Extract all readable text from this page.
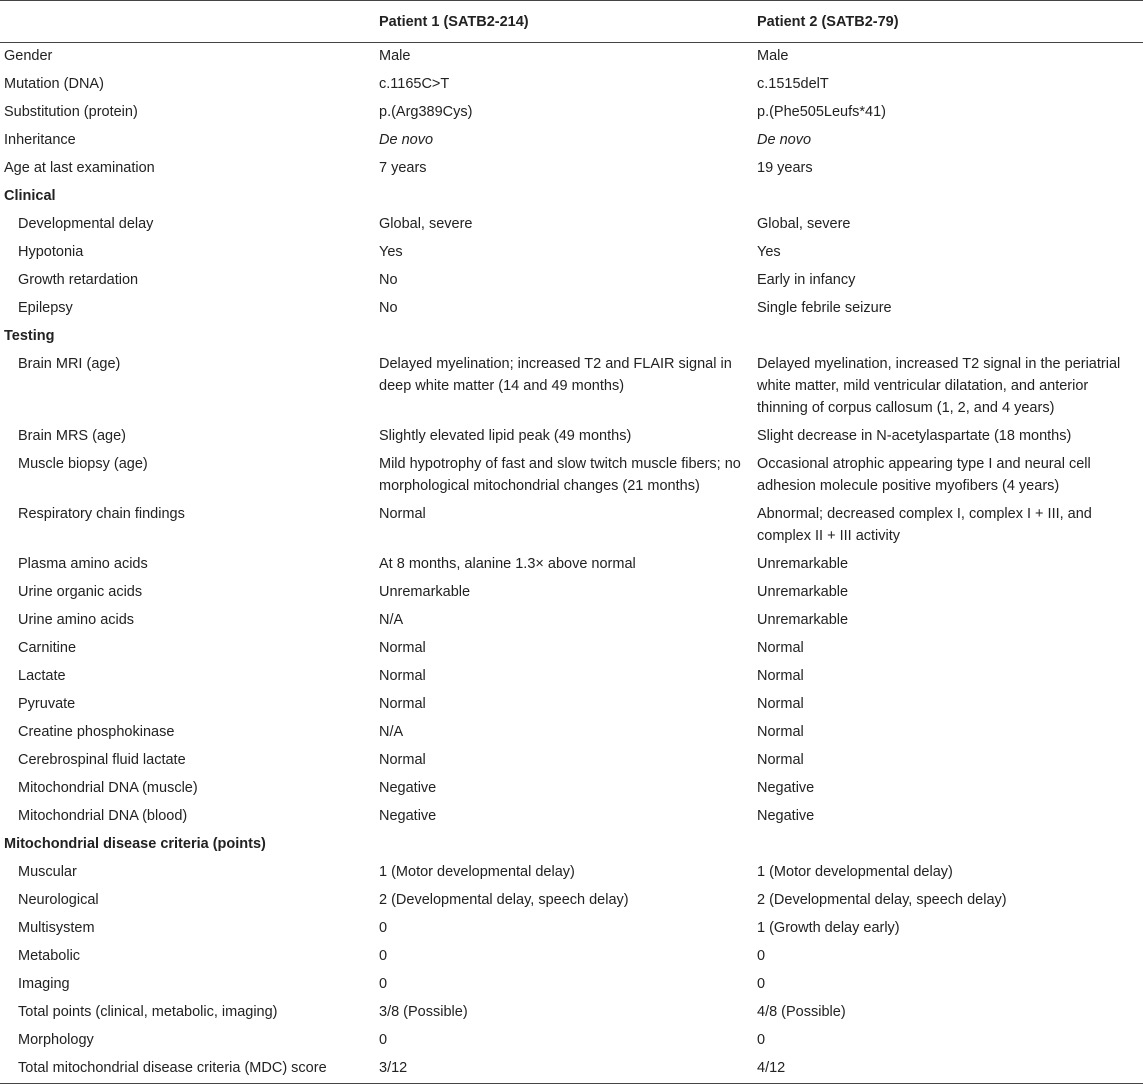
	Patient 1 (SATB2-214)	Patient 2 (SATB2-79)
Gender	Male	Male
Mutation (DNA)	c.1165C>T	c.1515delT
Substitution (protein)	p.(Arg389Cys)	p.(Phe505Leufs*41)
Inheritance	De novo	De novo
Age at last examination	7 years	19 years
Clinical		
Developmental delay	Global, severe	Global, severe
Hypotonia	Yes	Yes
Growth retardation	No	Early in infancy
Epilepsy	No	Single febrile seizure
Testing		
Brain MRI (age)	Delayed myelination; increased T2 and FLAIR signal in deep white matter (14 and 49 months)	Delayed myelination, increased T2 signal in the periatrial white matter, mild ventricular dilatation, and anterior thinning of corpus callosum (1, 2, and 4 years)
Brain MRS (age)	Slightly elevated lipid peak (49 months)	Slight decrease in N-acetylaspartate (18 months)
Muscle biopsy (age)	Mild hypotrophy of fast and slow twitch muscle fibers; no morphological mitochondrial changes (21 months)	Occasional atrophic appearing type I and neural cell adhesion molecule positive myofibers (4 years)
Respiratory chain findings	Normal	Abnormal; decreased complex I, complex I + III, and complex II + III activity
Plasma amino acids	At 8 months, alanine 1.3× above normal	Unremarkable
Urine organic acids	Unremarkable	Unremarkable
Urine amino acids	N/A	Unremarkable
Carnitine	Normal	Normal
Lactate	Normal	Normal
Pyruvate	Normal	Normal
Creatine phosphokinase	N/A	Normal
Cerebrospinal fluid lactate	Normal	Normal
Mitochondrial DNA (muscle)	Negative	Negative
Mitochondrial DNA (blood)	Negative	Negative
Mitochondrial disease criteria (points)		
Muscular	1 (Motor developmental delay)	1 (Motor developmental delay)
Neurological	2 (Developmental delay, speech delay)	2 (Developmental delay, speech delay)
Multisystem	0	1 (Growth delay early)
Metabolic	0	0
Imaging	0	0
Total points (clinical, metabolic, imaging)	3/8 (Possible)	4/8 (Possible)
Morphology	0	0
Total mitochondrial disease criteria (MDC) score	3/12	4/12
